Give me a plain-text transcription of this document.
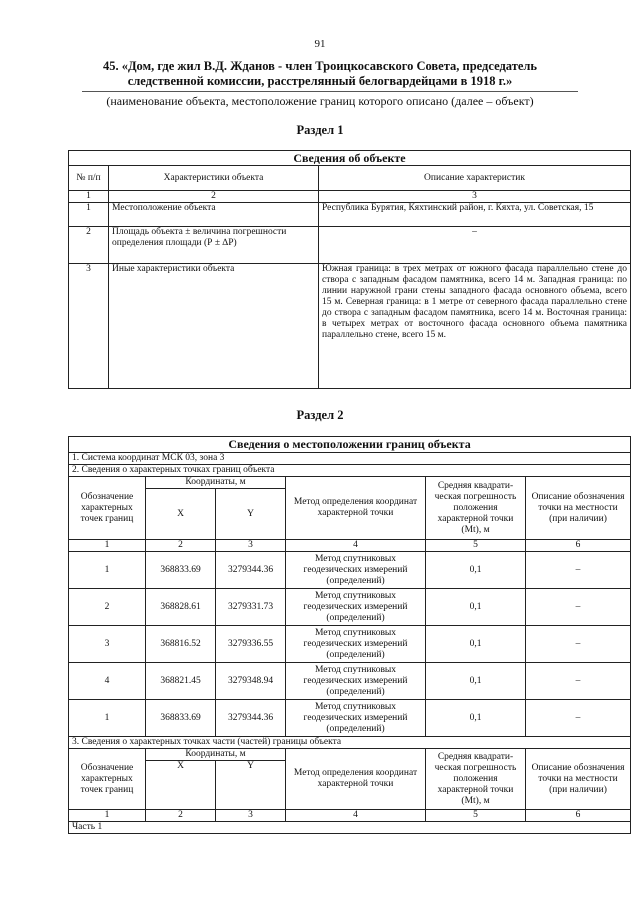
91
45. «Дом, где жил В.Д. Жданов - член Троицкосавского Совета, председатель следственной комиссии, расстрелянный белогвардейцами в 1918 г.»
(наименование объекта, местоположение границ которого описано (далее – объект)
Раздел 1
Сведения об объекте		
№ п/п	Характеристики объекта	Описание характеристик
1	2	3
1	Местоположение объекта	Республика Бурятия, Кяхтинский район, г. Кяхта, ул. Советская, 15
2	Площадь объекта ± величина погрешности определения площади (Р ± ∆Р)	–
3	Иные характеристики объекта	Южная граница: в трех метрах от южного фасада параллельно стене до створа с западным фасадом памятника, всего 14 м. Западная граница: по линии наружной грани стены западного фасада основного объема, всего 15 м. Северная граница: в 1 метре от северного фасада параллельно стене до створа с западным фасадом памятника, всего 14 м. Восточная граница: в четырех метрах от восточного фасада основного объема памятника параллельно стене, всего 15 м.
Раздел 2
Сведения о местоположении границ объекта					
1. Система координат МСК 03, зона 3					
2. Сведения о характерных точках границ объекта					
Обозначение характерных точек границ	Координаты, м		Метод определения координат характерной точки	Средняя квадрати-ческая погрешность положения характерной точки (Mt), м	Описание обозначения точки на местности (при наличии)
	X	Y			
1	2	3	4	5	6
1	368833.69	3279344.36	Метод спутниковых геодезических измерений (определений)	0,1	–
2	368828.61	3279331.73	Метод спутниковых геодезических измерений (определений)	0,1	–
3	368816.52	3279336.55	Метод спутниковых геодезических измерений (определений)	0,1	–
4	368821.45	3279348.94	Метод спутниковых геодезических измерений (определений)	0,1	–
1	368833.69	3279344.36	Метод спутниковых геодезических измерений (определений)	0,1	–
3. Сведения о характерных точках части (частей) границы объекта					
Обозначение характерных точек границ	Координаты, м		Метод определения координат характерной точки	Средняя квадрати-ческая погрешность положения характерной точки (Mt), м	Описание обозначения точки на местности (при наличии)
	X	Y			
1	2	3	4	5	6
Часть 1					
